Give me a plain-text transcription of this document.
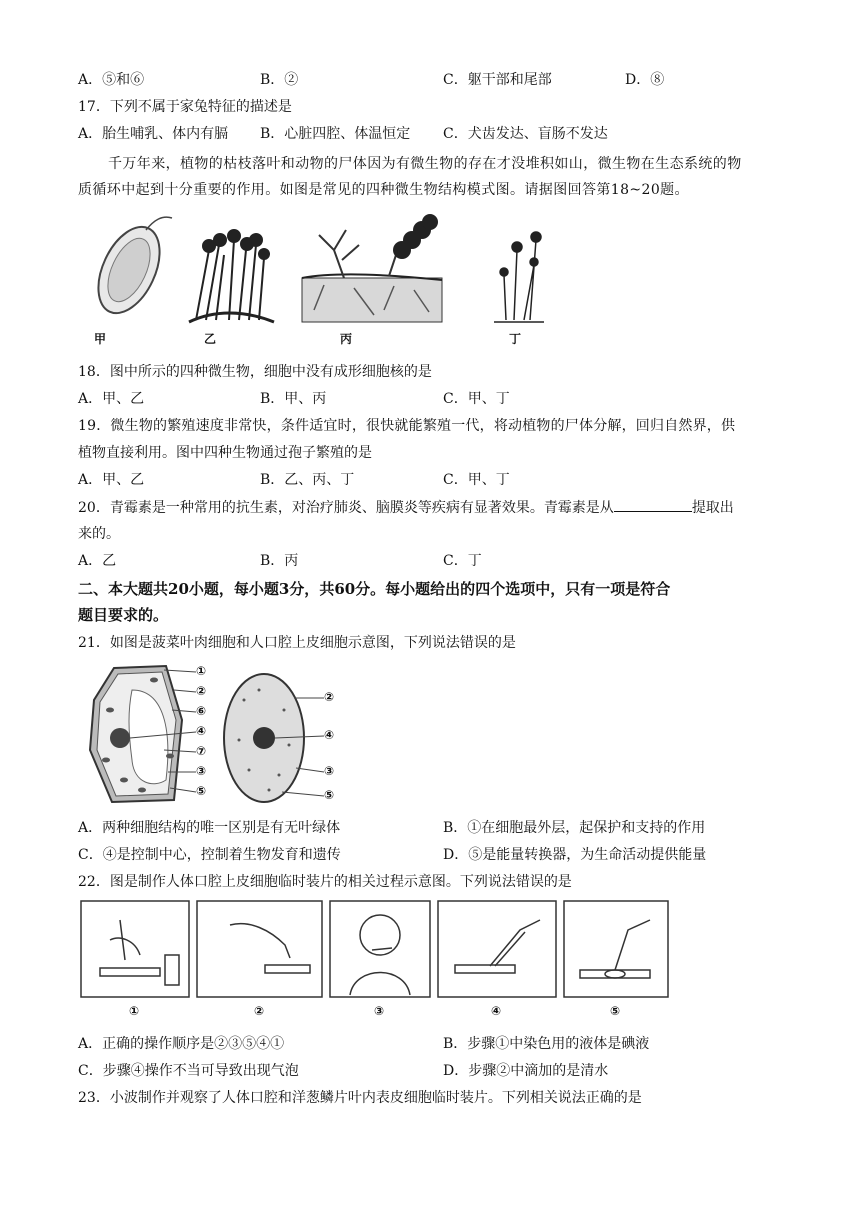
A．⑤和⑥	B．②	C．躯干部和尾部	D．⑧
17．下列不属于家兔特征的描述是
A．胎生哺乳、体内有膈 B．心脏四腔、体温恒定 C．犬齿发达、盲肠不发达
千万年来，植物的枯枝落叶和动物的尸体因为有微生物的存在才没堆积如山，微生物在生态系统的物
质循环中起到十分重要的作用。如图是常见的四种微生物结构模式图。请据图回答第18~20题。
甲	乙	丙	丁
18．图中所示的四种微生物，细胞中没有成形细胞核的是
A．甲、乙	B．甲、丙	C．甲、丁
19．微生物的繁殖速度非常快，条件适宜时，很快就能繁殖一代，将动植物的尸体分解，回归自然界，供
植物直接利用。图中四种生物通过孢子繁殖的是
A．甲、乙	B．乙、丙、丁	C．甲、丁
20．青霉素是一种常用的抗生素，对治疗肺炎、脑膜炎等疾病有显著效果。青霉素是从	提取出
来的。
A．乙	B．丙	C．丁
二、本大题共20小题，每小题3分，共60分。每小题给出的四个选项中，只有一项是符合
题目要求的。
21．如图是菠菜叶肉细胞和人口腔上皮细胞示意图，下列说法错误的是
①
②
⑥
④
⑦
③
⑤
②
④
③
⑤
A．两种细胞结构的唯一区别是有无叶绿体	B．①在细胞最外层，起保护和支持的作用
C．④是控制中心，控制着生物发育和遗传	D．⑤是能量转换器，为生命活动提供能量
22．图是制作人体口腔上皮细胞临时装片的相关过程示意图。下列说法错误的是
①	②	③	④	⑤
A．正确的操作顺序是②③⑤④①	B．步骤①中染色用的液体是碘液
C．步骤④操作不当可导致出现气泡	D．步骤②中滴加的是清水
23．小波制作并观察了人体口腔和洋葱鳞片叶内表皮细胞临时装片。下列相关说法正确的是
